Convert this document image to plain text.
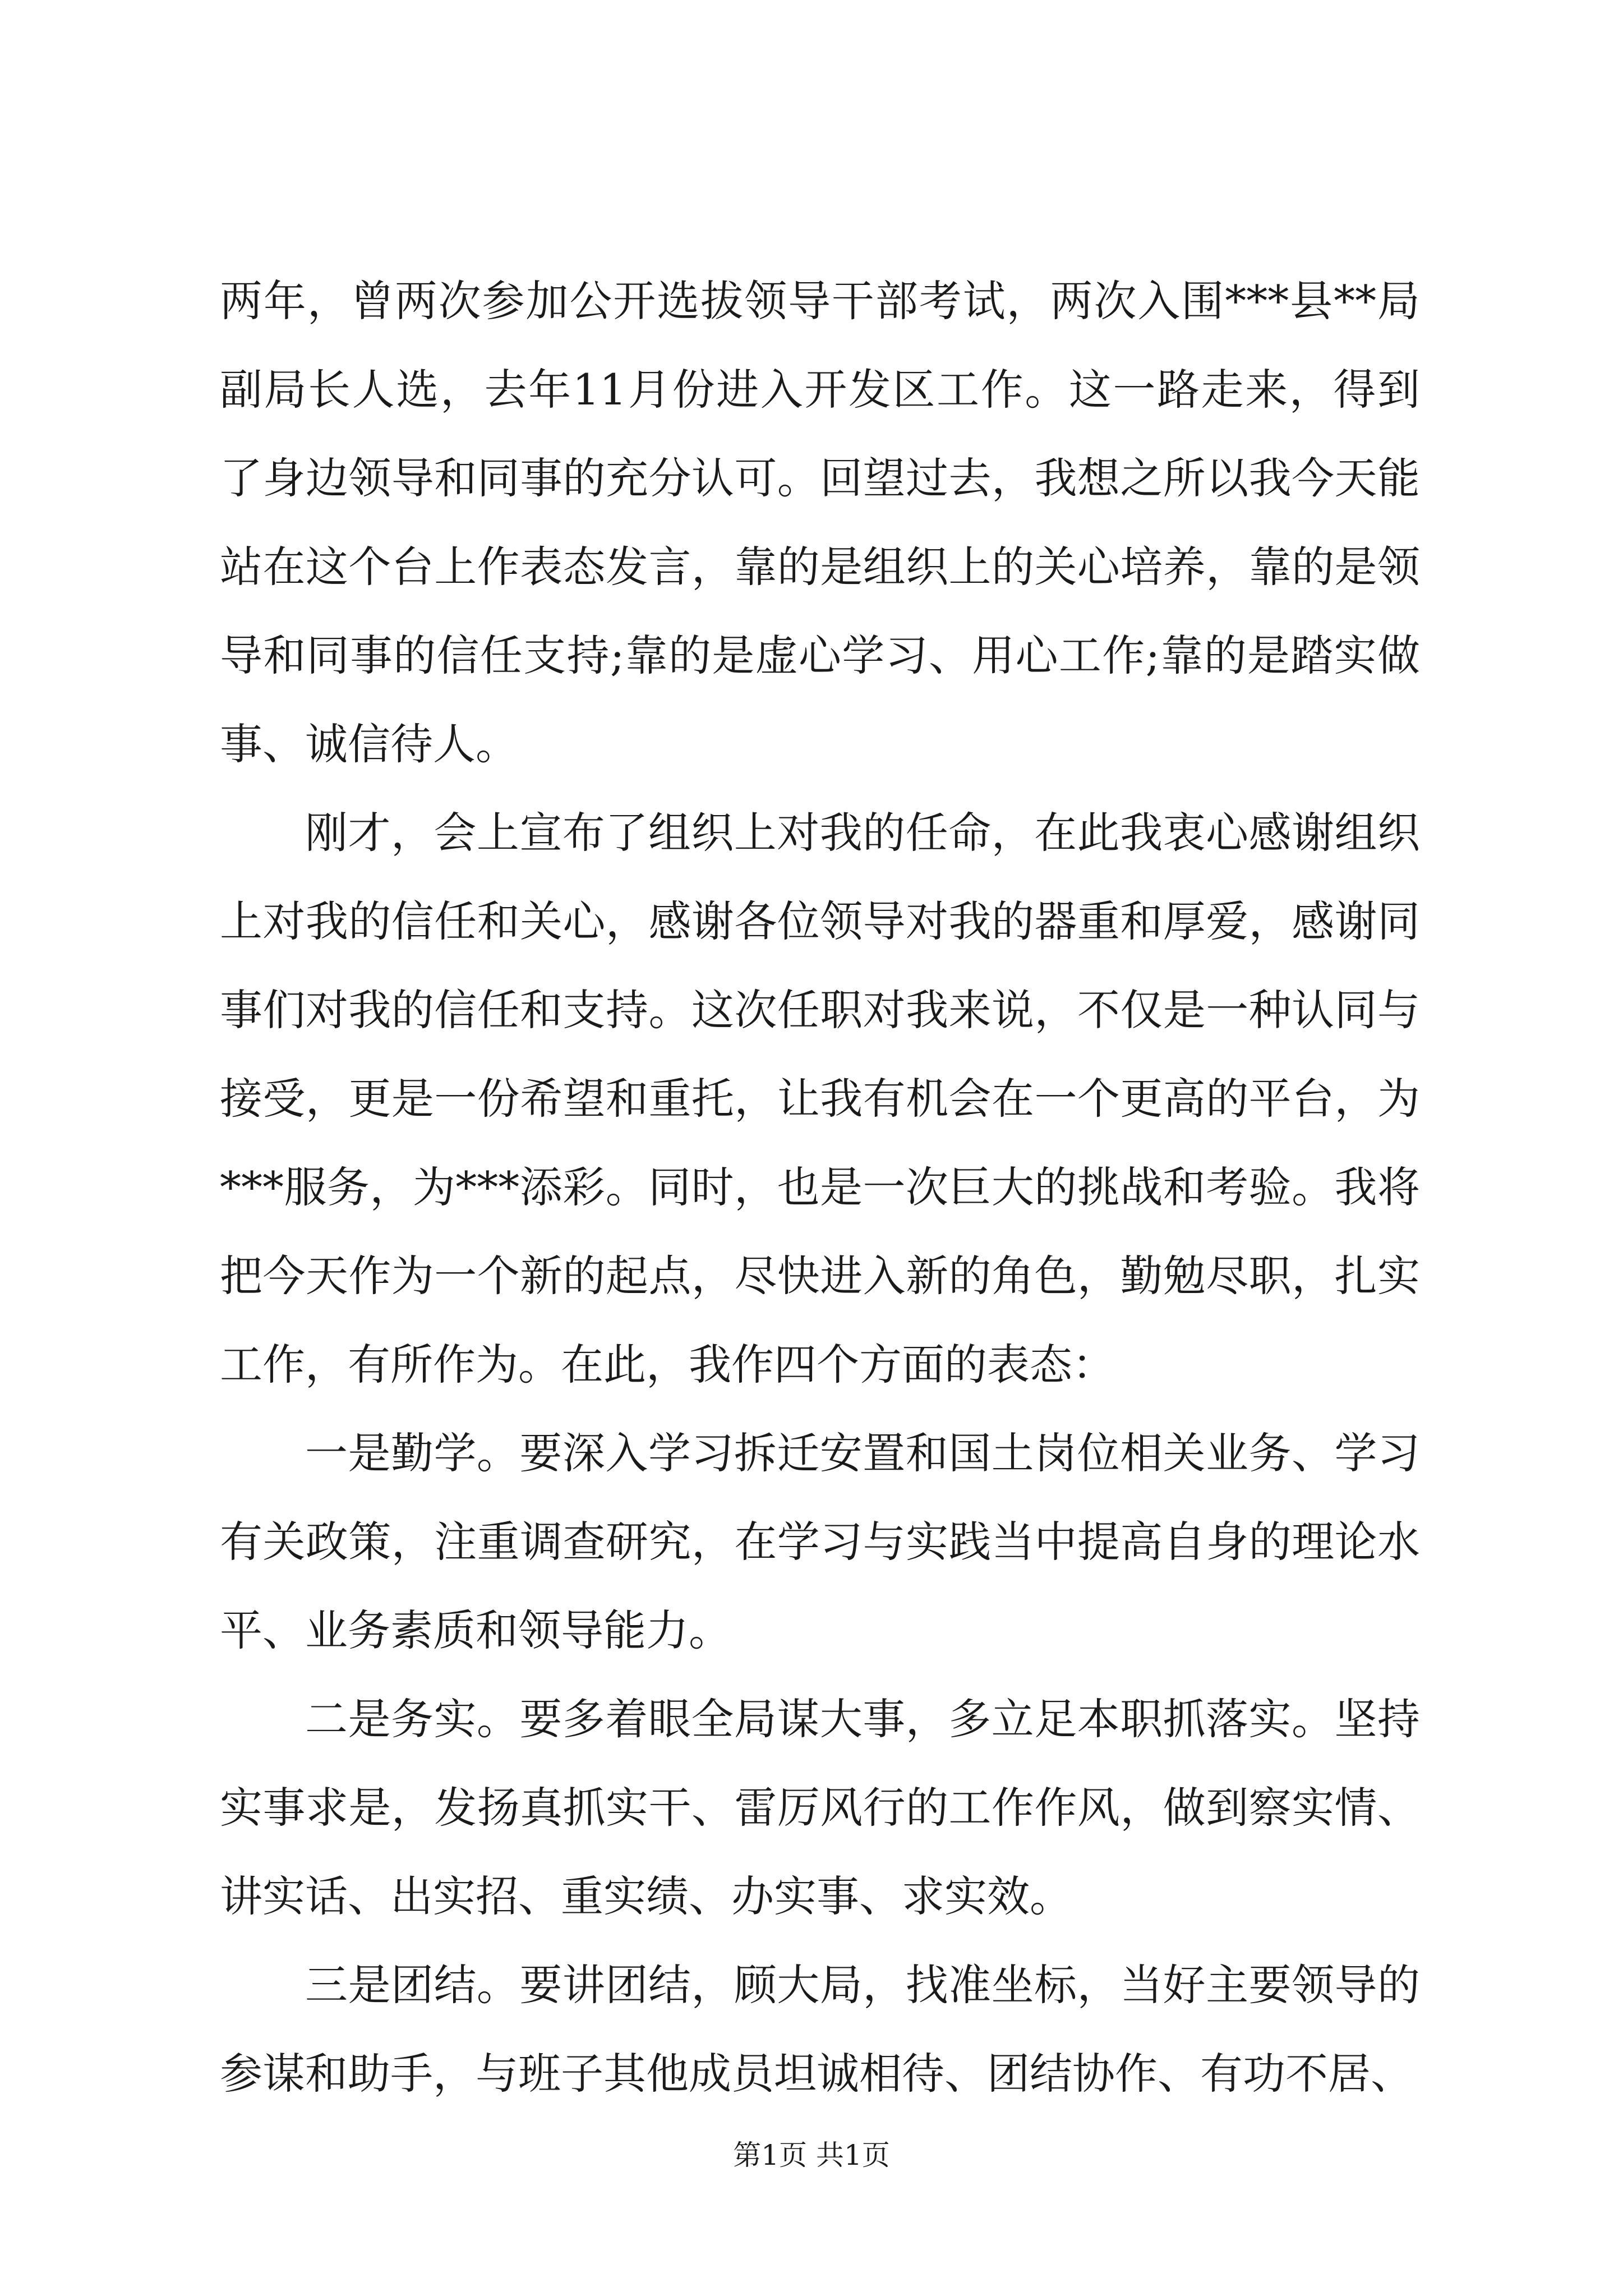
两年，曾两次参加公开选拔领导干部考试，两次入围***县**局副局长人选，去年11月份进入开发区工作。这一路走来，得到了身边领导和同事的充分认可。回望过去，我想之所以我今天能站在这个台上作表态发言，靠的是组织上的关心培养，靠的是领导和同事的信任支持;靠的是虚心学习、用心工作;靠的是踏实做事、诚信待人。

刚才，会上宣布了组织上对我的任命，在此我衷心感谢组织上对我的信任和关心，感谢各位领导对我的器重和厚爱，感谢同事们对我的信任和支持。这次任职对我来说，不仅是一种认同与接受，更是一份希望和重托，让我有机会在一个更高的平台，为***服务，为***添彩。同时，也是一次巨大的挑战和考验。我将把今天作为一个新的起点，尽快进入新的角色，勤勉尽职，扎实工作，有所作为。在此，我作四个方面的表态：

一是勤学。要深入学习拆迁安置和国土岗位相关业务、学习有关政策，注重调查研究，在学习与实践当中提高自身的理论水平、业务素质和领导能力。

二是务实。要多着眼全局谋大事，多立足本职抓落实。坚持实事求是，发扬真抓实干、雷厉风行的工作作风，做到察实情、讲实话、出实招、重实绩、办实事、求实效。

三是团结。要讲团结，顾大局，找准坐标，当好主要领导的参谋和助手，与班子其他成员坦诚相待、团结协作、有功不居、

第1页 共1页
